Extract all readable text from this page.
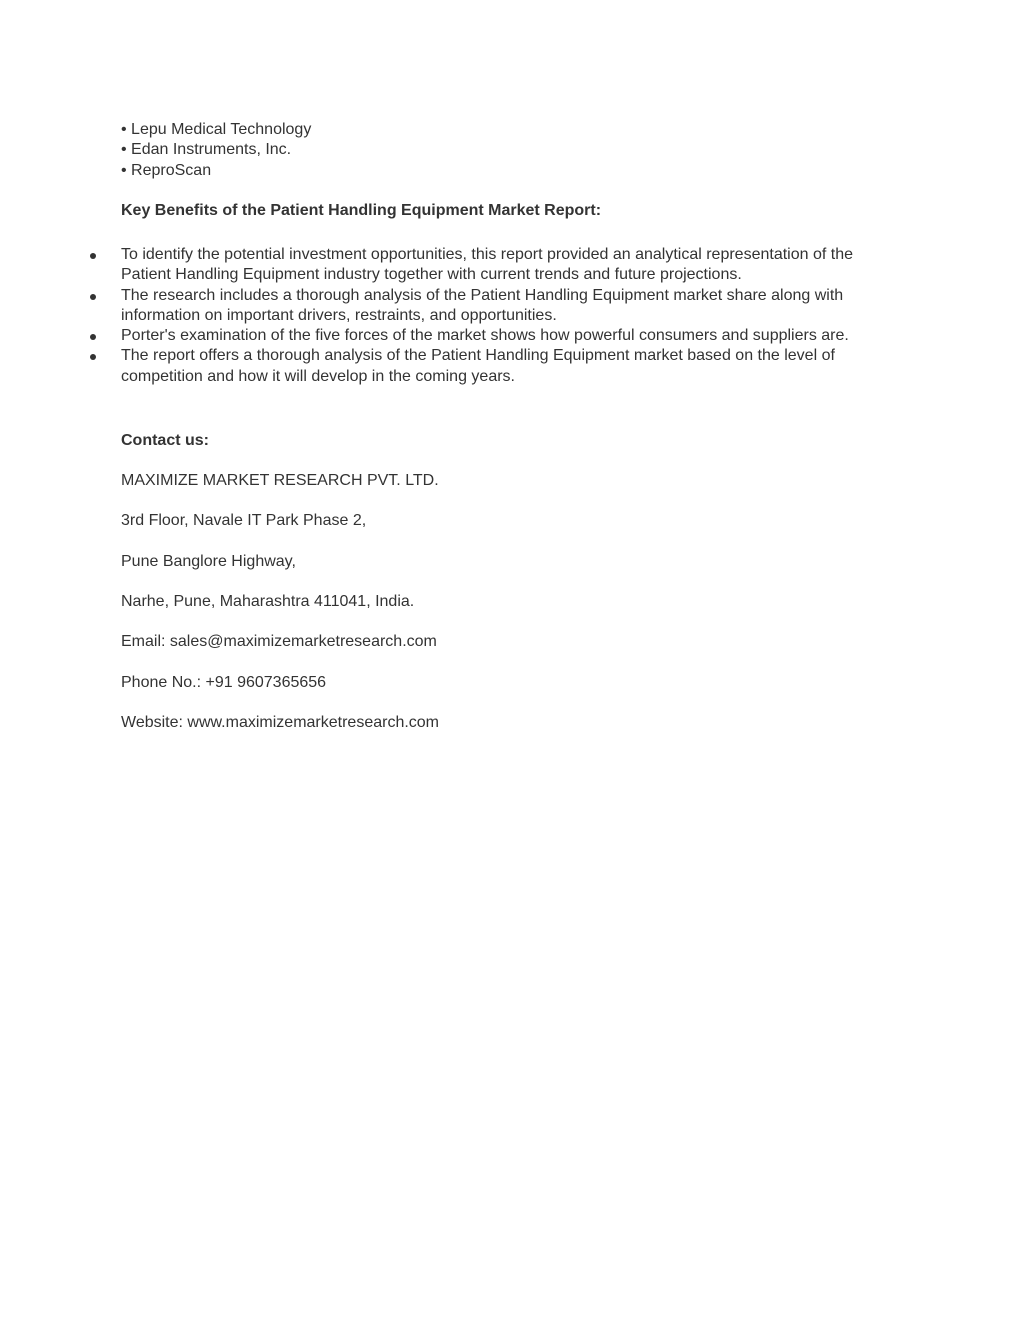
• Lepu Medical Technology
• Edan Instruments, Inc.
• ReproScan
Key Benefits of the Patient Handling Equipment Market Report:
To identify the potential investment opportunities, this report provided an analytical representation of the Patient Handling Equipment industry together with current trends and future projections.
The research includes a thorough analysis of the Patient Handling Equipment market share along with information on important drivers, restraints, and opportunities.
Porter's examination of the five forces of the market shows how powerful consumers and suppliers are.
The report offers a thorough analysis of the Patient Handling Equipment market based on the level of competition and how it will develop in the coming years.
Contact us:
MAXIMIZE MARKET RESEARCH PVT. LTD.
3rd Floor, Navale IT Park Phase 2,
Pune Banglore Highway,
Narhe, Pune, Maharashtra 411041, India.
Email: sales@maximizemarketresearch.com
Phone No.: +91 9607365656
Website: www.maximizemarketresearch.com
